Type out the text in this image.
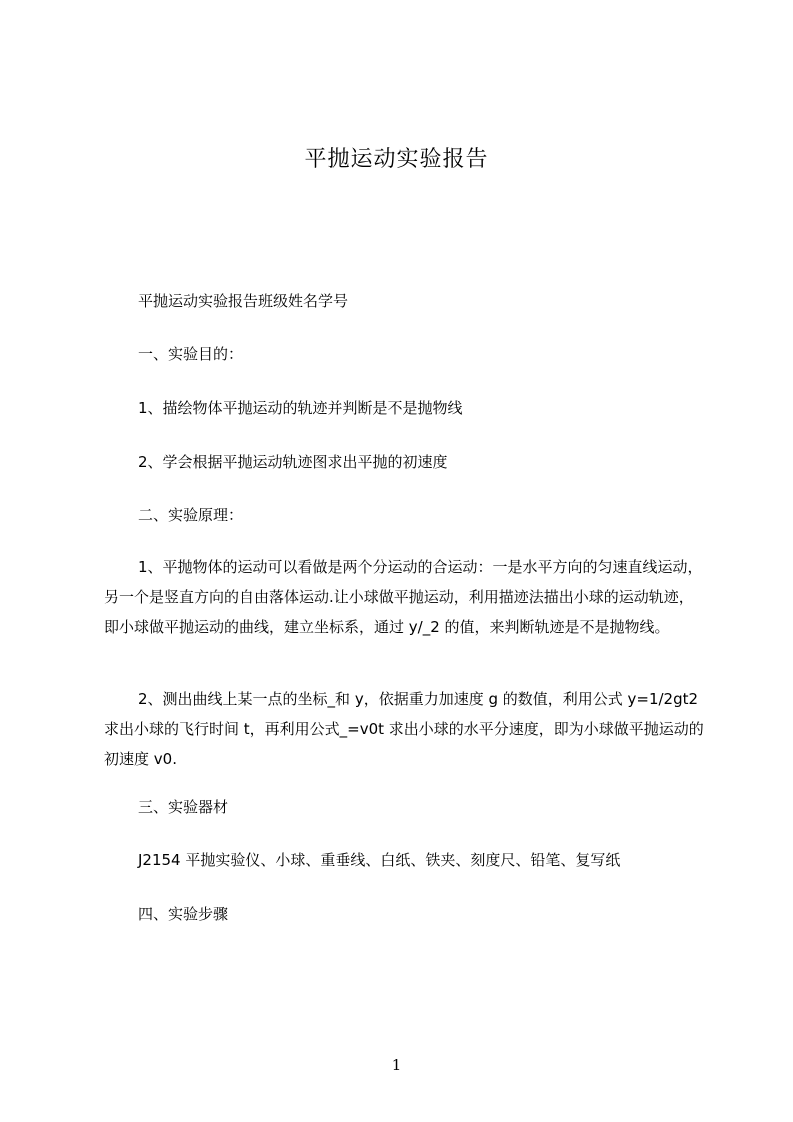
平抛运动实验报告
平抛运动实验报告班级姓名学号
一、实验目的：
1、描绘物体平抛运动的轨迹并判断是不是抛物线
2、学会根据平抛运动轨迹图求出平抛的初速度
二、实验原理：
1、平抛物体的运动可以看做是两个分运动的合运动：一是水平方向的匀速直线运动，另一个是竖直方向的自由落体运动.让小球做平抛运动，利用描迹法描出小球的运动轨迹，即小球做平抛运动的曲线，建立坐标系，通过 y/_2 的值，来判断轨迹是不是抛物线。
2、测出曲线上某一点的坐标_和 y，依据重力加速度 g 的数值，利用公式 y=1/2gt2 求出小球的飞行时间 t，再利用公式_=v0t 求出小球的水平分速度，即为小球做平抛运动的初速度 v0.
三、实验器材
J2154 平抛实验仪、小球、重垂线、白纸、铁夹、刻度尺、铅笔、复写纸
四、实验步骤
1
